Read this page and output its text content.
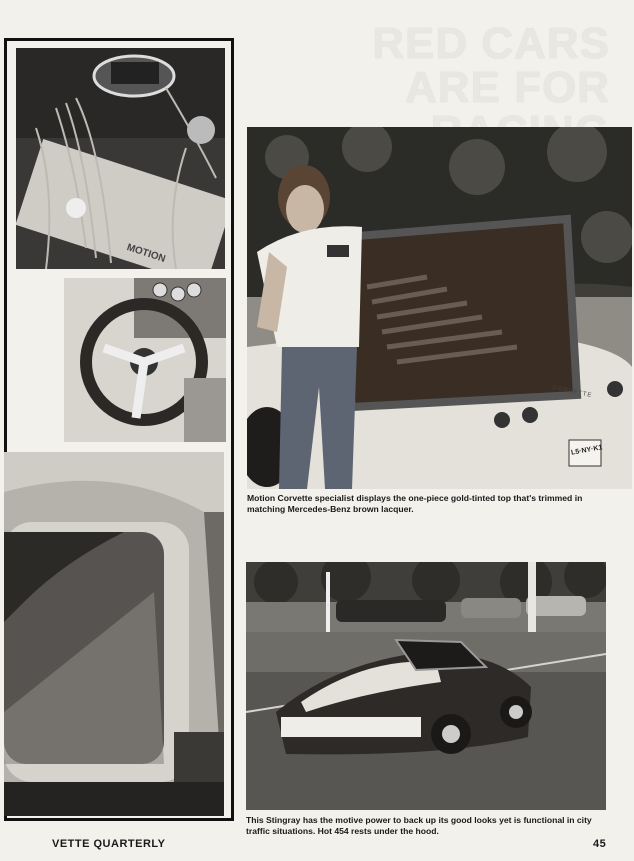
MOTION
RED CARS
ARE FOR
CORVETTE
L5·NY·K1
Motion Corvette specialist displays the one-piece gold-tinted top that's trimmed in matching Mercedes-Benz brown lacquer.
This Stingray has the motive power to back up its good looks yet is functional in city traffic situations. Hot 454 rests under the hood.
VETTE QUARTERLY	45
